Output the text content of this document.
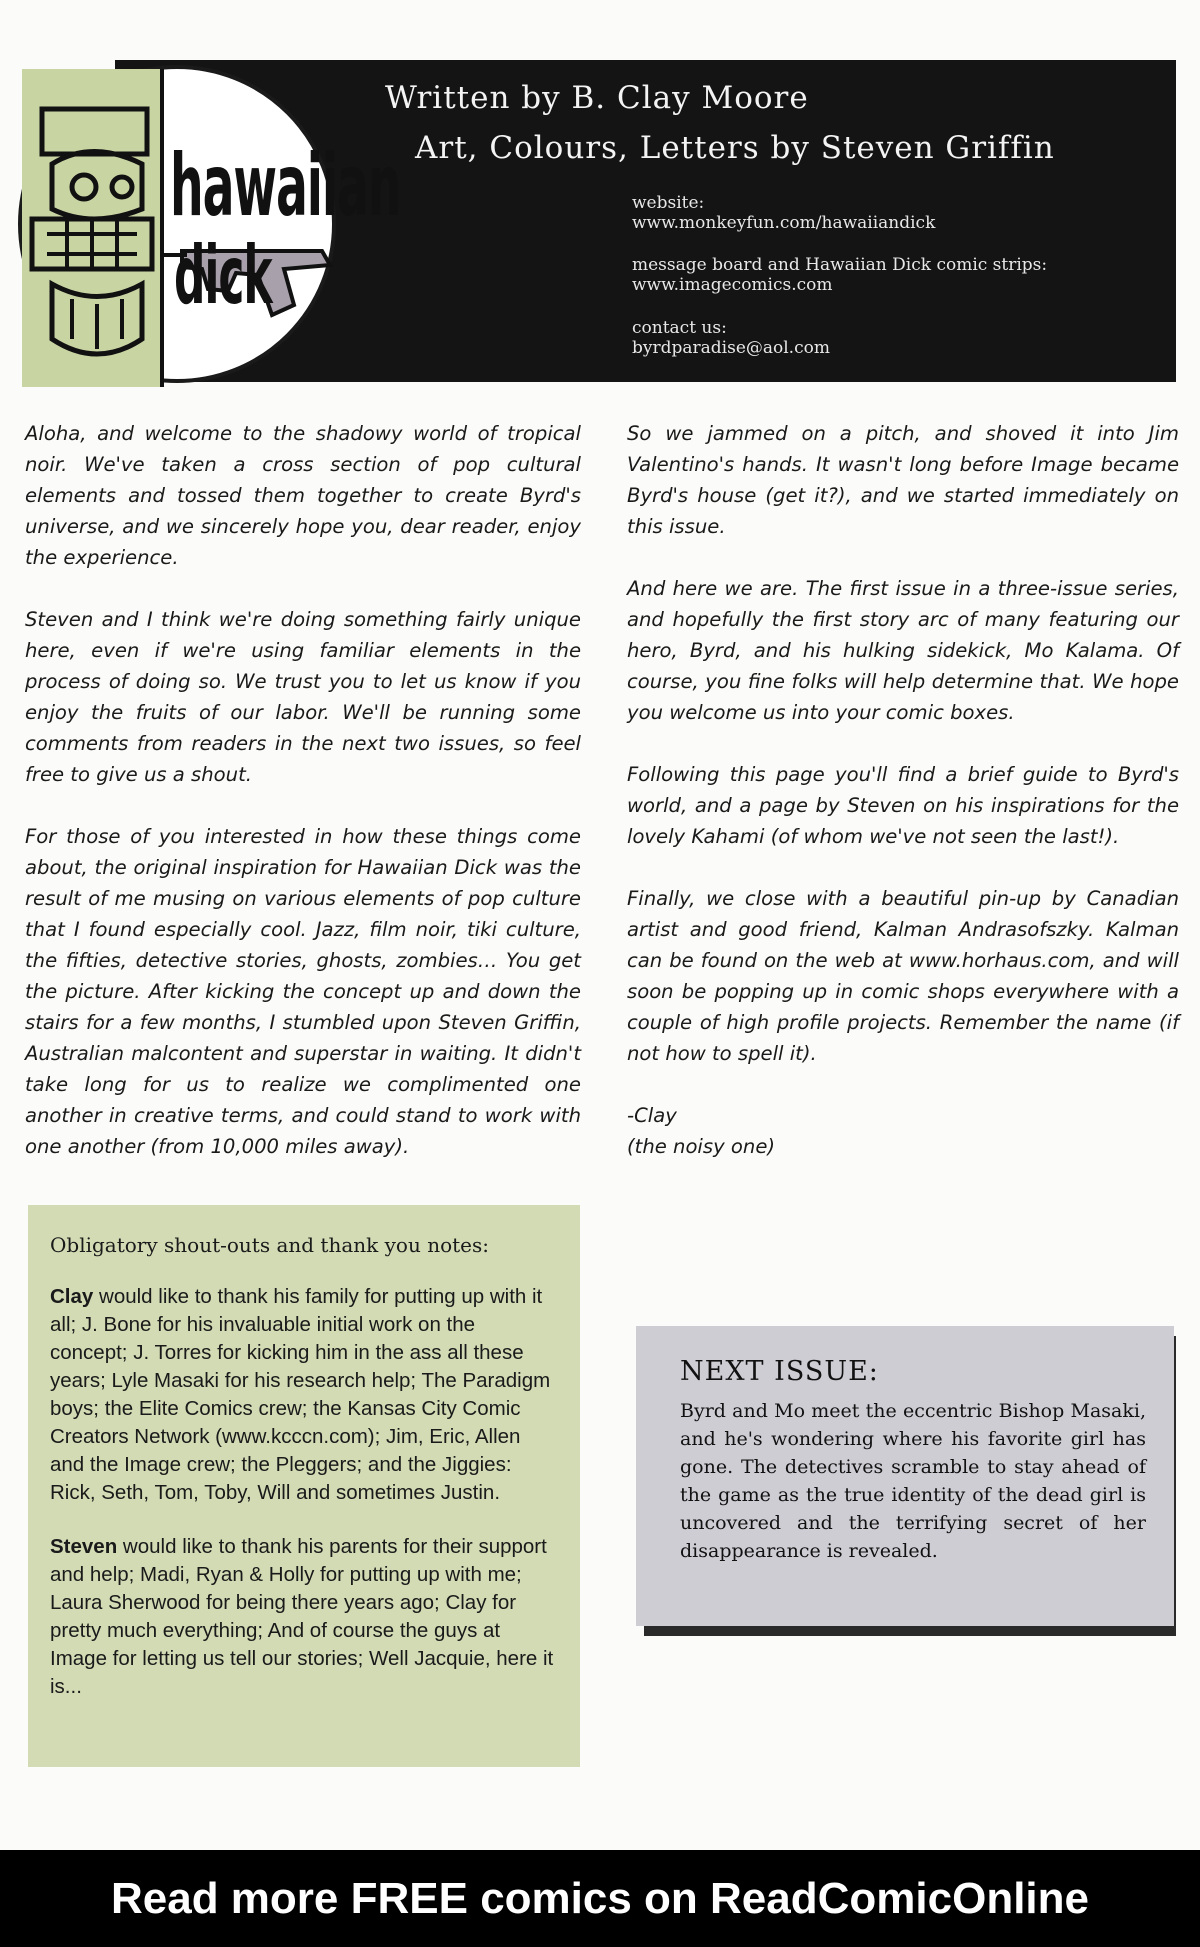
Written by B. Clay Moore
Art, Colours, Letters by Steven Griffin
website:
www.monkeyfun.com/hawaiiandick
message board and Hawaiian Dick comic strips:
www.imagecomics.com
contact us:
byrdparadise@aol.com
hawaiian
dick

Aloha, and welcome to the shadowy world of tropical noir. We've taken a cross section of pop cultural elements and tossed them together to create Byrd's universe, and we sincerely hope you, dear reader, enjoy the experience.

Steven and I think we're doing something fairly unique here, even if we're using familiar elements in the process of doing so. We trust you to let us know if you enjoy the fruits of our labor. We'll be running some comments from readers in the next two issues, so feel free to give us a shout.

For those of you interested in how these things come about, the original inspiration for Hawaiian Dick was the result of me musing on various elements of pop culture that I found especially cool. Jazz, film noir, tiki culture, the fifties, detective stories, ghosts, zombies… You get the picture. After kicking the concept up and down the stairs for a few months, I stumbled upon Steven Griffin, Australian malcontent and superstar in waiting. It didn't take long for us to realize we complimented one another in creative terms, and could stand to work with one another (from 10,000 miles away).

So we jammed on a pitch, and shoved it into Jim Valentino's hands. It wasn't long before Image became Byrd's house (get it?), and we started immediately on this issue.

And here we are. The first issue in a three-issue series, and hopefully the first story arc of many featuring our hero, Byrd, and his hulking sidekick, Mo Kalama. Of course, you fine folks will help determine that. We hope you welcome us into your comic boxes.

Following this page you'll find a brief guide to Byrd's world, and a page by Steven on his inspirations for the lovely Kahami (of whom we've not seen the last!).

Finally, we close with a beautiful pin-up by Canadian artist and good friend, Kalman Andrasofszky. Kalman can be found on the web at www.horhaus.com, and will soon be popping up in comic shops everywhere with a couple of high profile projects. Remember the name (if not how to spell it).

-Clay

(the noisy one)

Obligatory shout-outs and thank you notes:

Clay would like to thank his family for putting up with it all; J. Bone for his invaluable initial work on the concept; J. Torres for kicking him in the ass all these years; Lyle Masaki for his research help; The Paradigm boys; the Elite Comics crew; the Kansas City Comic Creators Network (www.kcccn.com); Jim, Eric, Allen and the Image crew; the Pleggers; and the Jiggies: Rick, Seth, Tom, Toby, Will and sometimes Justin.

Steven would like to thank his parents for their support and help; Madi, Ryan & Holly for putting up with me; Laura Sherwood for being there years ago; Clay for pretty much everything; And of course the guys at Image for letting us tell our stories; Well Jacquie, here it is...

NEXT ISSUE:

Byrd and Mo meet the eccentric Bishop Masaki, and he's wondering where his favorite girl has gone. The detectives scramble to stay ahead of the game as the true identity of the dead girl is uncovered and the terrifying secret of her disappearance is revealed.

Read more FREE comics on ReadComicOnline
